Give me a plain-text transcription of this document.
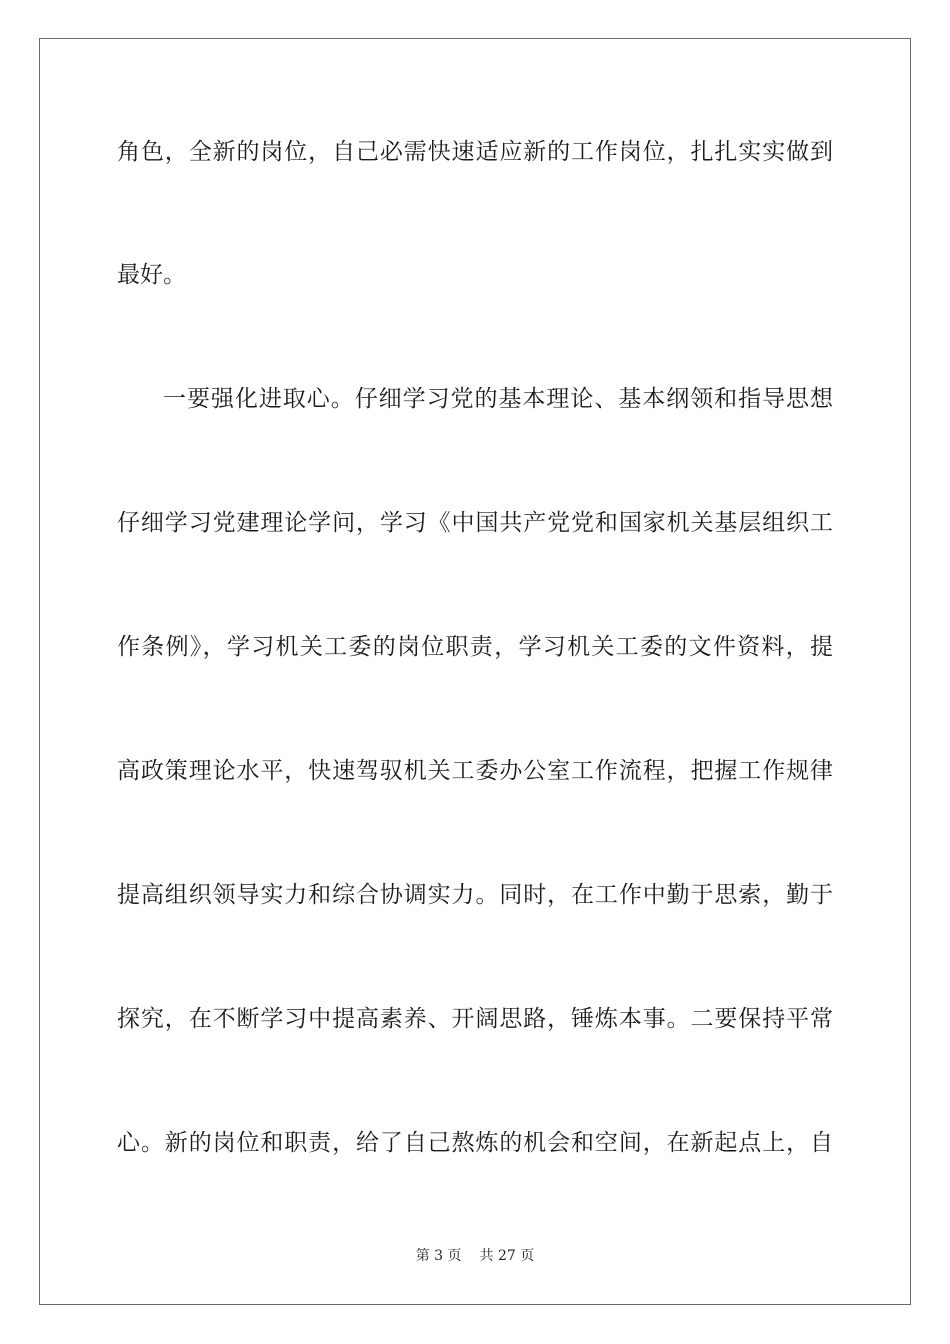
角色，全新的岗位，自己必需快速适应新的工作岗位，扎扎实实做到
最好。
一要强化进取心。仔细学习党的基本理论、基本纲领和指导思想
仔细学习党建理论学问，学习《中国共产党党和国家机关基层组织工
作条例》，学习机关工委的岗位职责，学习机关工委的文件资料，提
高政策理论水平，快速驾驭机关工委办公室工作流程，把握工作规律
提高组织领导实力和综合协调实力。同时，在工作中勤于思索，勤于
探究，在不断学习中提高素养、开阔思路，锤炼本事。二要保持平常
心。新的岗位和职责，给了自己熬炼的机会和空间，在新起点上，自
第 3 页 共 27 页
